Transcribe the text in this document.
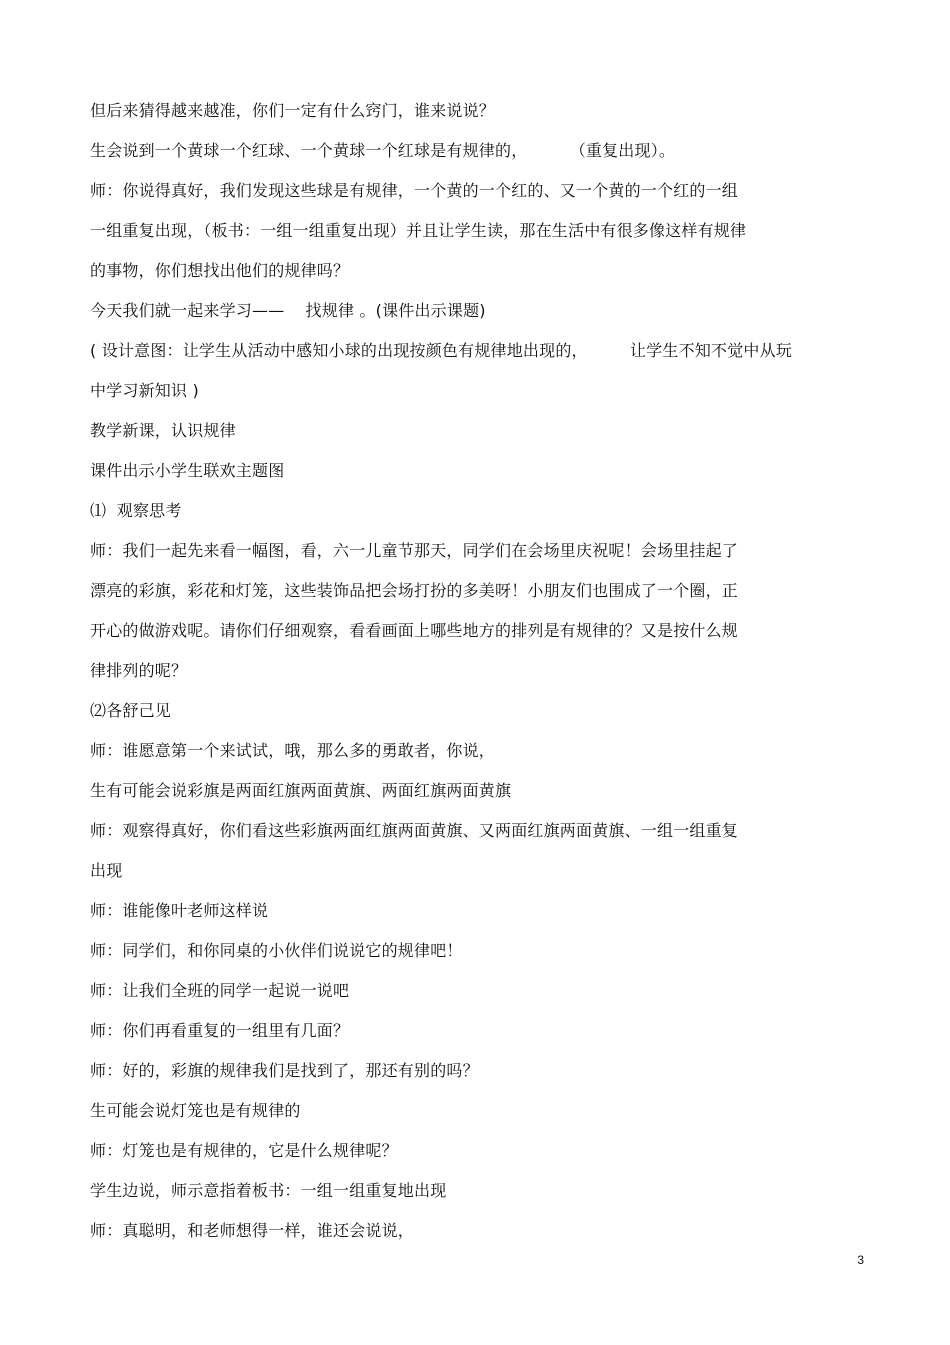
但后来猜得越来越准，你们一定有什么窍门，谁来说说？
生会说到一个黄球一个红球、一个黄球一个红球是有规律的，        （重复出现）。
师：你说得真好，我们发现这些球是有规律，一个黄的一个红的、又一个黄的一个红的一组
一组重复出现，（板书：一组一组重复出现）并且让学生读，那在生活中有很多像这样有规律
的事物，你们想找出他们的规律吗？
今天我们就一起来学习——    找规律 。(课件出示课题)
( 设计意图：让学生从活动中感知小球的出现按颜色有规律地出现的，        让学生不知不觉中从玩
中学习新知识 )
教学新课，认识规律
课件出示小学生联欢主题图
⑴  观察思考
师：我们一起先来看一幅图，看，六一儿童节那天，同学们在会场里庆祝呢！会场里挂起了
漂亮的彩旗，彩花和灯笼，这些装饰品把会场打扮的多美呀！小朋友们也围成了一个圈，正
开心的做游戏呢。请你们仔细观察，看看画面上哪些地方的排列是有规律的？又是按什么规
律排列的呢？
⑵各舒己见
师：谁愿意第一个来试试，哦，那么多的勇敢者，你说，
生有可能会说彩旗是两面红旗两面黄旗、两面红旗两面黄旗
师：观察得真好，你们看这些彩旗两面红旗两面黄旗、又两面红旗两面黄旗、一组一组重复
出现
师：谁能像叶老师这样说
师：同学们，和你同桌的小伙伴们说说它的规律吧！
师：让我们全班的同学一起说一说吧
师：你们再看重复的一组里有几面？
师：好的，彩旗的规律我们是找到了，那还有别的吗？
生可能会说灯笼也是有规律的
师：灯笼也是有规律的，它是什么规律呢？
学生边说，师示意指着板书：一组一组重复地出现
师：真聪明，和老师想得一样，谁还会说说，
3
